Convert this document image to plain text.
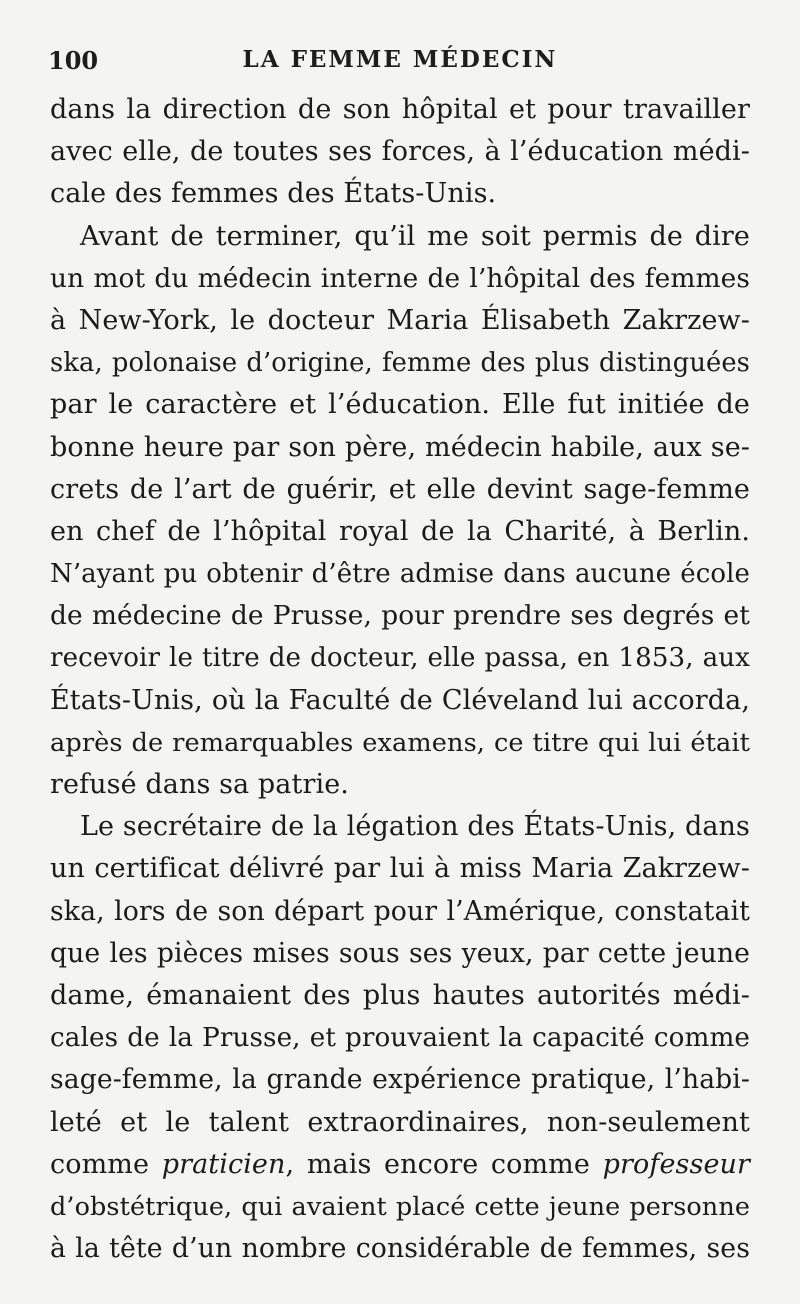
100	LA FEMME MÉDECIN
dans la direction de son hôpital et pour travailler
avec elle, de toutes ses forces, à l’éducation médi-
cale des femmes des États-Unis.
Avant de terminer, qu’il me soit permis de dire
un mot du médecin interne de l’hôpital des femmes
à New-York, le docteur Maria Élisabeth Zakrzew-
ska, polonaise d’origine, femme des plus distinguées
par le caractère et l’éducation. Elle fut initiée de
bonne heure par son père, médecin habile, aux se-
crets de l’art de guérir, et elle devint sage-femme
en chef de l’hôpital royal de la Charité, à Berlin.
N’ayant pu obtenir d’être admise dans aucune école
de médecine de Prusse, pour prendre ses degrés et
recevoir le titre de docteur, elle passa, en 1853, aux
États-Unis, où la Faculté de Cléveland lui accorda,
après de remarquables examens, ce titre qui lui était
refusé dans sa patrie.
Le secrétaire de la légation des États-Unis, dans
un certificat délivré par lui à miss Maria Zakrzew-
ska, lors de son départ pour l’Amérique, constatait
que les pièces mises sous ses yeux, par cette jeune
dame, émanaient des plus hautes autorités médi-
cales de la Prusse, et prouvaient la capacité comme
sage-femme, la grande expérience pratique, l’habi-
leté et le talent extraordinaires, non-seulement
comme praticien, mais encore comme professeur
d’obstétrique, qui avaient placé cette jeune personne
à la tête d’un nombre considérable de femmes, ses
